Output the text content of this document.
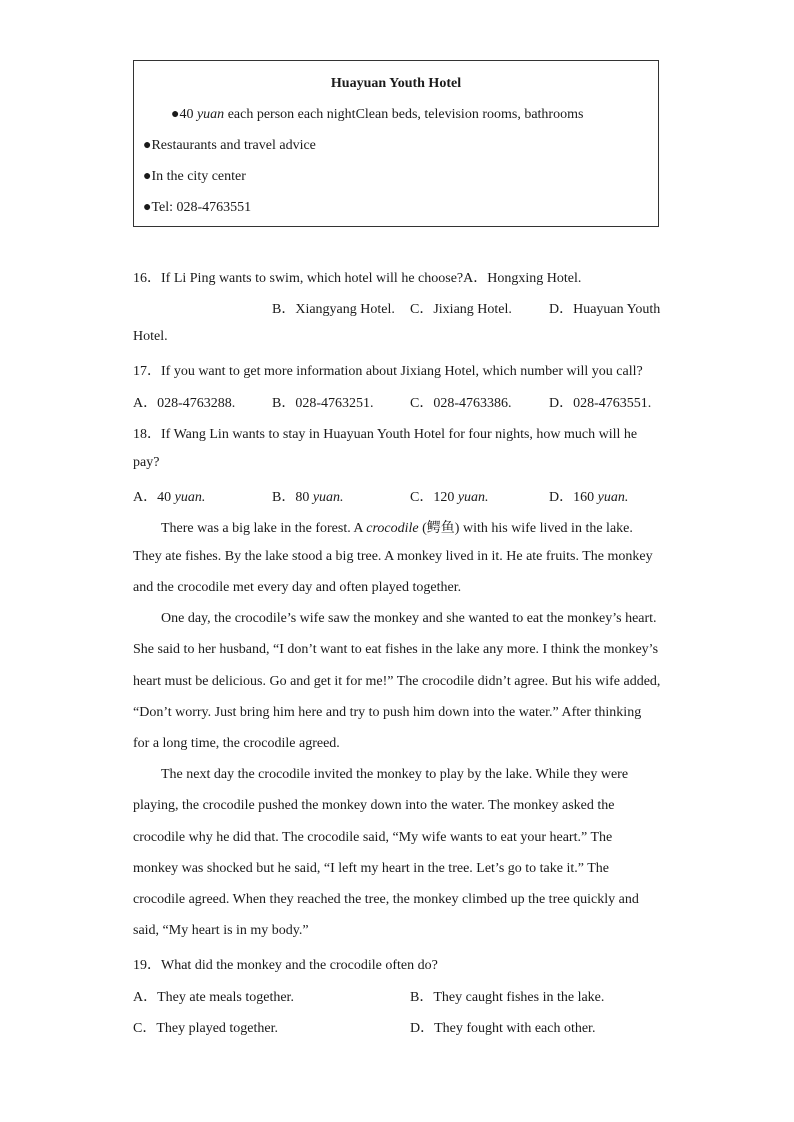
Huayuan Youth Hotel
●40 yuan each person each nightClean beds, television rooms, bathrooms
●Restaurants and travel advice
●In the city center
●Tel: 028-4763551
16．If Li Ping wants to swim, which hotel will he choose?A．Hongxing Hotel.
B．Xiangyang Hotel. C．Jixiang Hotel.	D．Huayuan Youth
Hotel.
17．If you want to get more information about Jixiang Hotel, which number will you call?
A．028-4763288.	B．028-4763251.	C．028-4763386.	D．028-4763551.
18．If Wang Lin wants to stay in Huayuan Youth Hotel for four nights, how much will he
pay?
A．40 yuan.	B．80 yuan.	C．120 yuan.	D．160 yuan.
There was a big lake in the forest. A crocodile (鳄鱼) with his wife lived in the lake.
They ate fishes. By the lake stood a big tree. A monkey lived in it. He ate fruits. The monkey
and the crocodile met every day and often played together.
One day, the crocodile’s wife saw the monkey and she wanted to eat the monkey’s heart.
She said to her husband, “I don’t want to eat fishes in the lake any more. I think the monkey’s
heart must be delicious. Go and get it for me!” The crocodile didn’t agree. But his wife added,
“Don’t worry. Just bring him here and try to push him down into the water.” After thinking
for a long time, the crocodile agreed.
The next day the crocodile invited the monkey to play by the lake. While they were
playing, the crocodile pushed the monkey down into the water. The monkey asked the
crocodile why he did that. The crocodile said, “My wife wants to eat your heart.” The
monkey was shocked but he said, “I left my heart in the tree. Let’s go to take it.” The
crocodile agreed. When they reached the tree, the monkey climbed up the tree quickly and
said, “My heart is in my body.”
19．What did the monkey and the crocodile often do?
A．They ate meals together.	B．They caught fishes in the lake.
C．They played together.	D．They fought with each other.
